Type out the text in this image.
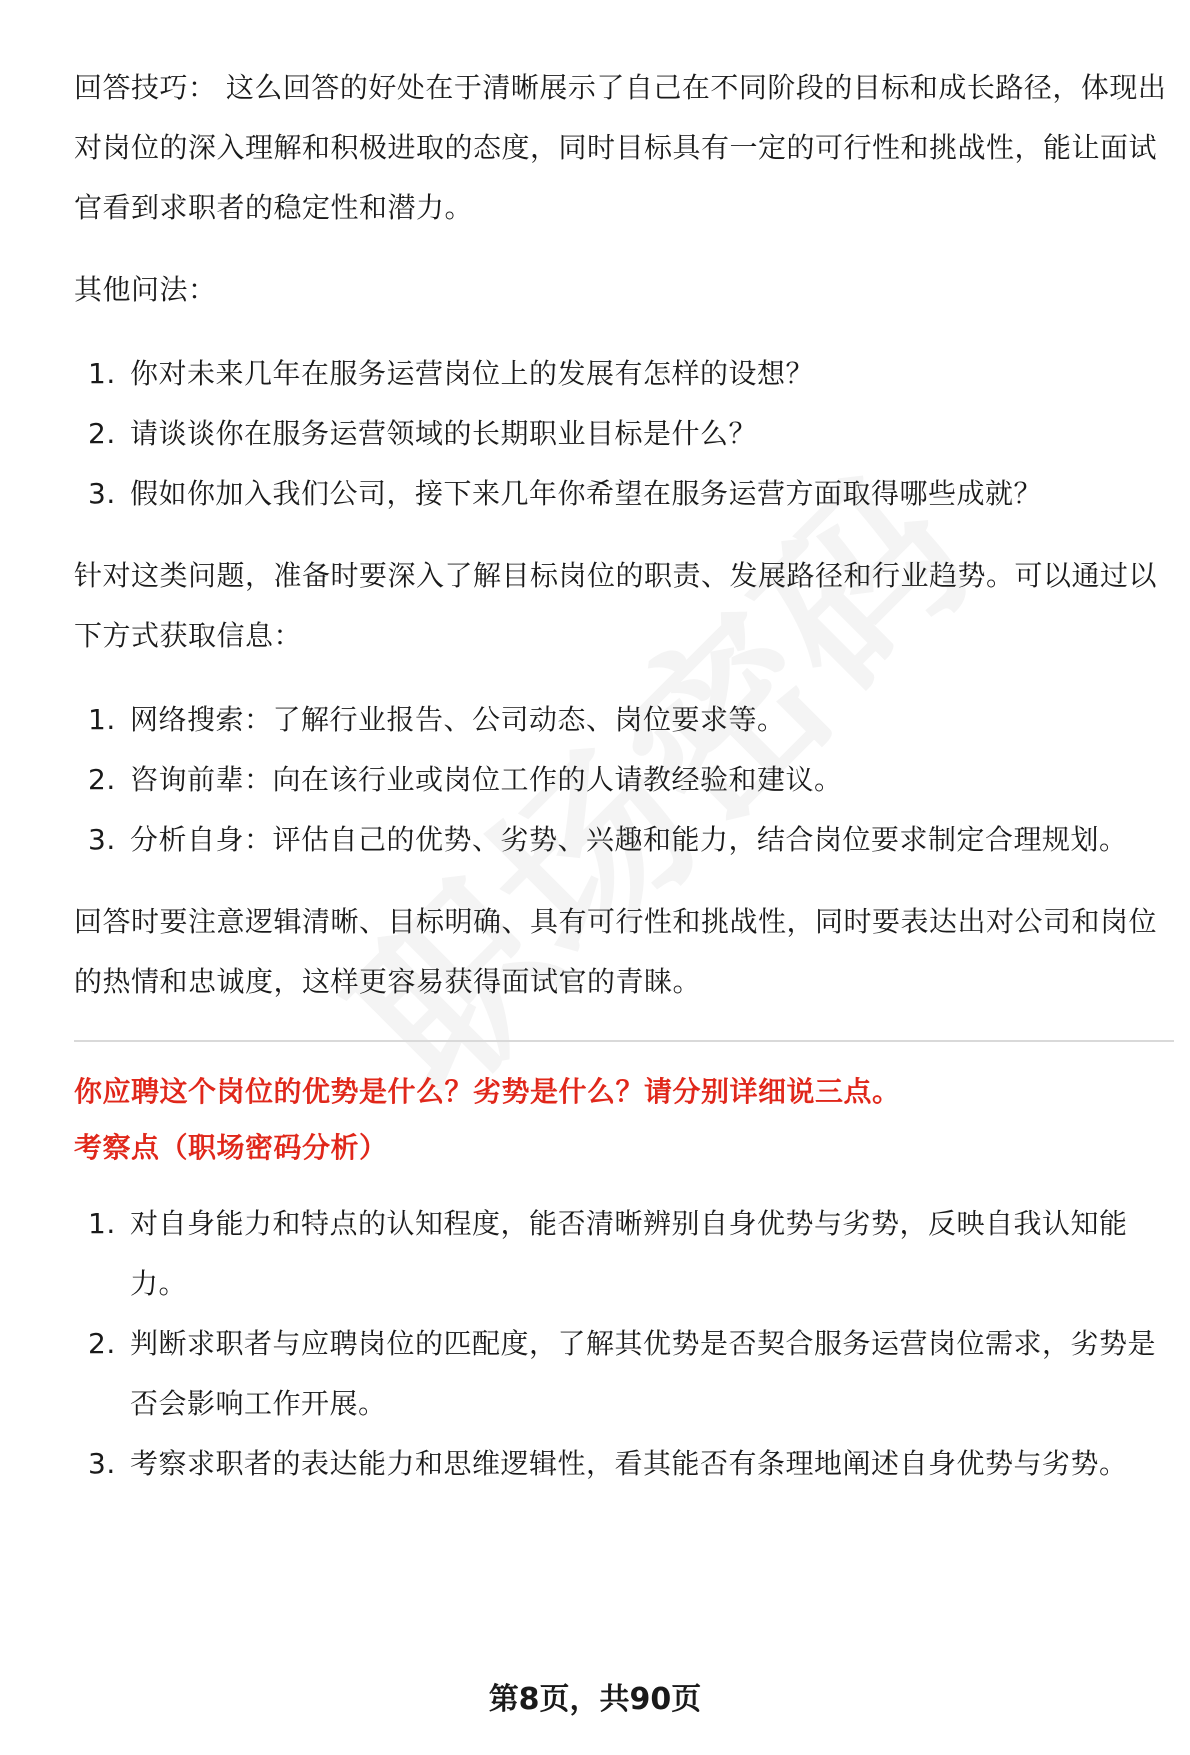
回答技巧： 这么回答的好处在于清晰展示了自己在不同阶段的目标和成长路径，体现出对岗位的深入理解和积极进取的态度，同时目标具有一定的可行性和挑战性，能让面试官看到求职者的稳定性和潜力。

其他问法：

1. 你对未来几年在服务运营岗位上的发展有怎样的设想？
2. 请谈谈你在服务运营领域的长期职业目标是什么？
3. 假如你加入我们公司，接下来几年你希望在服务运营方面取得哪些成就？

针对这类问题，准备时要深入了解目标岗位的职责、发展路径和行业趋势。可以通过以下方式获取信息：

1. 网络搜索：了解行业报告、公司动态、岗位要求等。
2. 咨询前辈：向在该行业或岗位工作的人请教经验和建议。
3. 分析自身：评估自己的优势、劣势、兴趣和能力，结合岗位要求制定合理规划。

回答时要注意逻辑清晰、目标明确、具有可行性和挑战性，同时要表达出对公司和岗位的热情和忠诚度，这样更容易获得面试官的青睐。

你应聘这个岗位的优势是什么？劣势是什么？请分别详细说三点。

考察点（职场密码分析）

1. 对自身能力和特点的认知程度，能否清晰辨别自身优势与劣势，反映自我认知能力。
2. 判断求职者与应聘岗位的匹配度，了解其优势是否契合服务运营岗位需求，劣势是否会影响工作开展。
3. 考察求职者的表达能力和思维逻辑性，看其能否有条理地阐述自身优势与劣势。
第8页，共90页
